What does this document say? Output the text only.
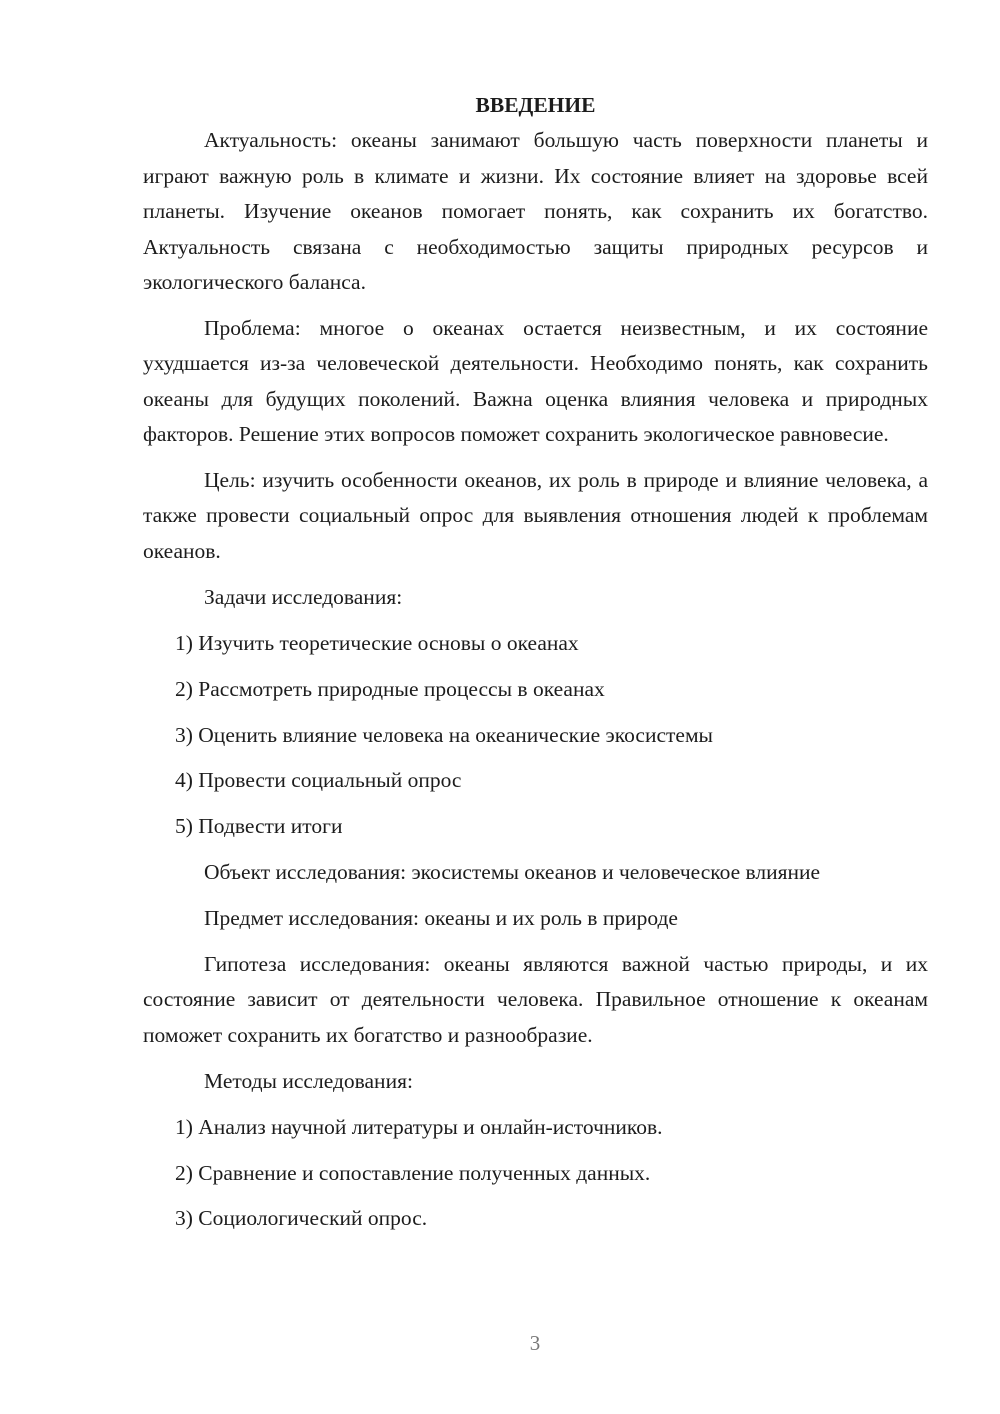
ВВЕДЕНИЕ

Актуальность: океаны занимают большую часть поверхности планеты и играют важную роль в климате и жизни. Их состояние влияет на здоровье всей планеты. Изучение океанов помогает понять, как сохранить их богатство. Актуальность связана с необходимостью защиты природных ресурсов и экологического баланса.

Проблема: многое о океанах остается неизвестным, и их состояние ухудшается из-за человеческой деятельности. Необходимо понять, как сохранить океаны для будущих поколений. Важна оценка влияния человека и природных факторов. Решение этих вопросов поможет сохранить экологическое равновесие.

Цель: изучить особенности океанов, их роль в природе и влияние человека, а также провести социальный опрос для выявления отношения людей к проблемам океанов.

Задачи исследования:

1) Изучить теоретические основы о океанах

2) Рассмотреть природные процессы в океанах

3) Оценить влияние человека на океанические экосистемы

4) Провести социальный опрос

5) Подвести итоги

Объект исследования: экосистемы океанов и человеческое влияние

Предмет исследования: океаны и их роль в природе

Гипотеза исследования: океаны являются важной частью природы, и их состояние зависит от деятельности человека. Правильное отношение к океанам поможет сохранить их богатство и разнообразие.

Методы исследования:

1) Анализ научной литературы и онлайн-источников.

2) Сравнение и сопоставление полученных данных.

3) Социологический опрос.

3
